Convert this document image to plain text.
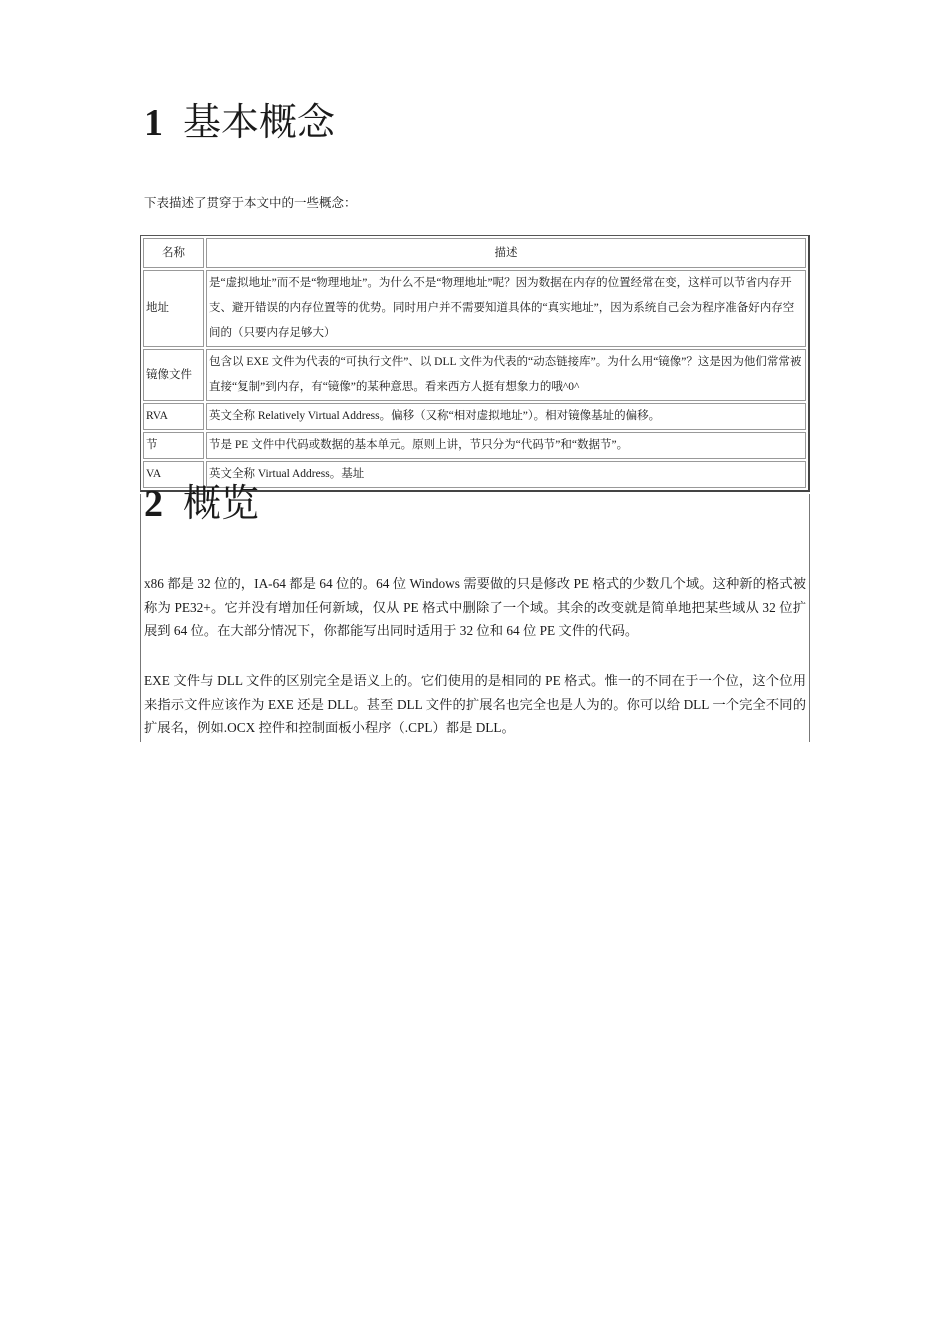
1 基本概念
下表描述了贯穿于本文中的一些概念：
名称	描述
地址	是“虚拟地址”而不是“物理地址”。为什么不是“物理地址”呢？因为数据在内存的位置经常在变，这样可以节省内存开支、避开错误的内存位置等的优势。同时用户并不需要知道具体的“真实地址”，因为系统自己会为程序准备好内存空间的（只要内存足够大）
镜像文件	包含以 EXE 文件为代表的“可执行文件”、以 DLL 文件为代表的“动态链接库”。为什么用“镜像”？这是因为他们常常被直接“复制”到内存，有“镜像”的某种意思。看来西方人挺有想象力的哦^0^
RVA	英文全称 Relatively Virtual Address。偏移（又称“相对虚拟地址”）。相对镜像基址的偏移。
节	节是 PE 文件中代码或数据的基本单元。原则上讲，节只分为“代码节”和“数据节”。
VA	英文全称 Virtual Address。基址
2 概览
x86 都是 32 位的，IA-64 都是 64 位的。64 位 Windows 需要做的只是修改 PE 格式的少数几个域。这种新的格式被称为 PE32+。它并没有增加任何新域，仅从 PE 格式中删除了一个域。其余的改变就是简单地把某些域从 32 位扩展到 64 位。在大部分情况下，你都能写出同时适用于 32 位和 64 位 PE 文件的代码。
EXE 文件与 DLL 文件的区别完全是语义上的。它们使用的是相同的 PE 格式。惟一的不同在于一个位，这个位用来指示文件应该作为 EXE 还是 DLL。甚至 DLL 文件的扩展名也完全也是人为的。你可以给 DLL 一个完全不同的扩展名，例如.OCX 控件和控制面板小程序（.CPL）都是 DLL。
